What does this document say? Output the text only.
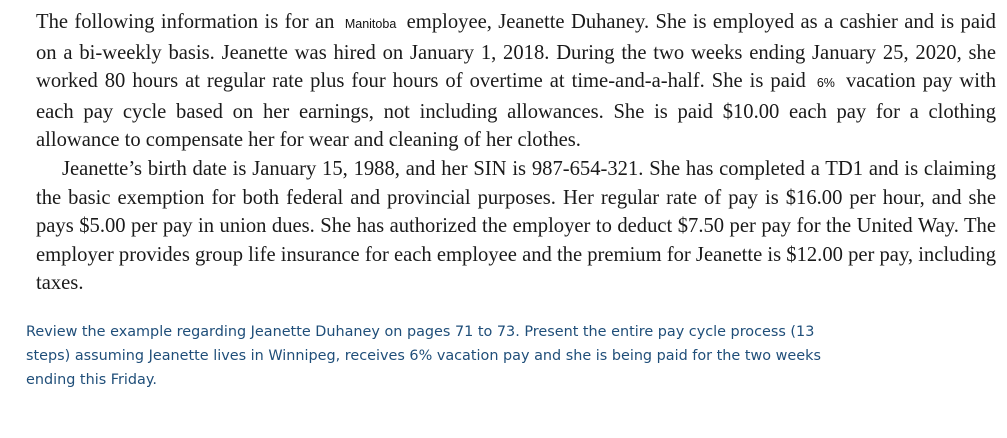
The following information is for an Manitoba employee, Jeanette Duhaney. She is employed as a cashier and is paid on a bi-weekly basis. Jeanette was hired on January 1, 2018. During the two weeks ending January 25, 2020, she worked 80 hours at regular rate plus four hours of overtime at time-and-a-half. She is paid 6% vacation pay with each pay cycle based on her earnings, not including allowances. She is paid $10.00 each pay for a clothing allowance to compensate her for wear and cleaning of her clothes.

Jeanette’s birth date is January 15, 1988, and her SIN is 987-654-321. She has completed a TD1 and is claiming the basic exemption for both federal and provincial purposes. Her regular rate of pay is $16.00 per hour, and she pays $5.00 per pay in union dues. She has authorized the employer to deduct $7.50 per pay for the United Way. The employer provides group life insurance for each employee and the premium for Jeanette is $12.00 per pay, including taxes.

Review the example regarding Jeanette Duhaney on pages 71 to 73. Present the entire pay cycle process (13 steps) assuming Jeanette lives in Winnipeg, receives 6% vacation pay and she is being paid for the two weeks ending this Friday.
